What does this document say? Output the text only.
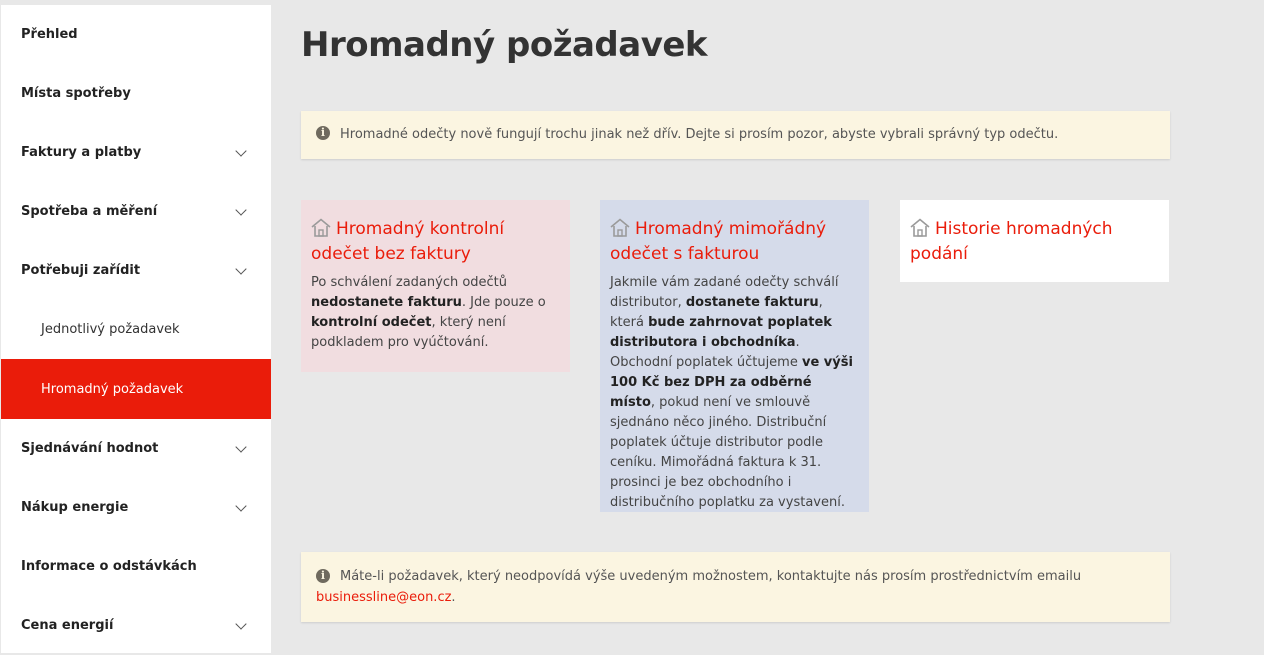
Přehled
Místa spotřeby
Faktury a platby
Spotřeba a měření
Potřebuji zařídit
Jednotlivý požadavek
Hromadný požadavek
Sjednávání hodnot
Nákup energie
Informace o odstávkách
Cena energií
Hromadný požadavek
i	Hromadné odečty nově fungují trochu jinak než dřív. Dejte si prosím pozor, abyste vybrali správný typ odečtu.
Hromadný kontrolní odečet bez faktury

Po schválení zadaných odečtů nedostanete fakturu. Jde pouze o kontrolní odečet, který není podkladem pro vyúčtování.

Hromadný mimořádný odečet s fakturou

Jakmile vám zadané odečty schválí distributor, dostanete fakturu, která bude zahrnovat poplatek distributora i obchodníka. Obchodní poplatek účtujeme ve výši 100 Kč bez DPH za odběrné místo, pokud není ve smlouvě sjednáno něco jiného. Distribuční poplatek účtuje distributor podle ceníku. Mimořádná faktura k 31. prosinci je bez obchodního i distribučního poplatku za vystavení.

Historie hromadných podání
i	Máte-li požadavek, který neodpovídá výše uvedeným možnostem, kontaktujte nás prosím prostřednictvím emailu businessline@eon.cz.
